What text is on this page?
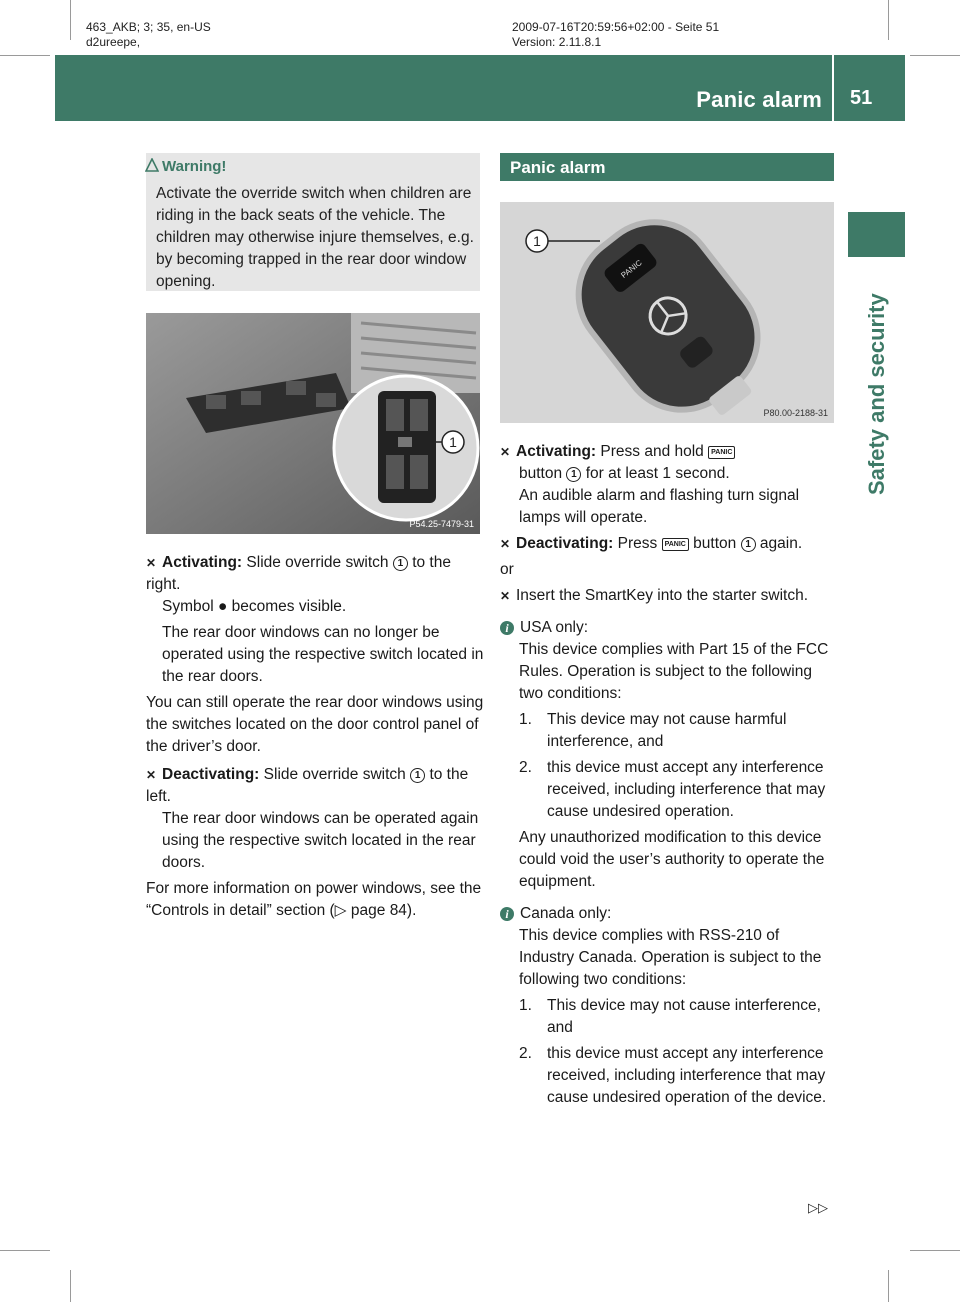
463_AKB; 3; 35, en-US
d2ureepe,
2009-07-16T20:59:56+02:00 - Seite 51
Version: 2.11.8.1
Panic alarm 51
Safety and security
Warning!
Activate the override switch when children are riding in the back seats of the vehicle. The children may otherwise injure themselves, e.g. by becoming trapped in the rear door window opening.
1
P54.25-7479-31
✕ Activating: Slide override switch 1 to the right.
Symbol ● becomes visible.
The rear door windows can no longer be operated using the respective switch located in the rear doors.
You can still operate the rear door windows using the switches located on the door control panel of the driver’s door.
✕ Deactivating: Slide override switch 1 to the left.
The rear door windows can be operated again using the respective switch located in the rear doors.
For more information on power windows, see the “Controls in detail” section (▷ page 84).
Panic alarm
PANIC
1
P80.00-2188-31
✕ Activating: Press and hold PANIC
button 1 for at least 1 second.
An audible alarm and flashing turn signal lamps will operate.
✕ Deactivating: Press PANIC button 1 again.
or
✕ Insert the SmartKey into the starter switch.
i USA only:
This device complies with Part 15 of the FCC Rules. Operation is subject to the following two conditions:
1. This device may not cause harmful interference, and
2. this device must accept any interference received, including interference that may cause undesired operation.
Any unauthorized modification to this device could void the user’s authority to operate the equipment.
i Canada only:
This device complies with RSS-210 of Industry Canada. Operation is subject to the following two conditions:
1. This device may not cause interference, and
2. this device must accept any interference received, including interference that may cause undesired operation of the device.
▷▷
